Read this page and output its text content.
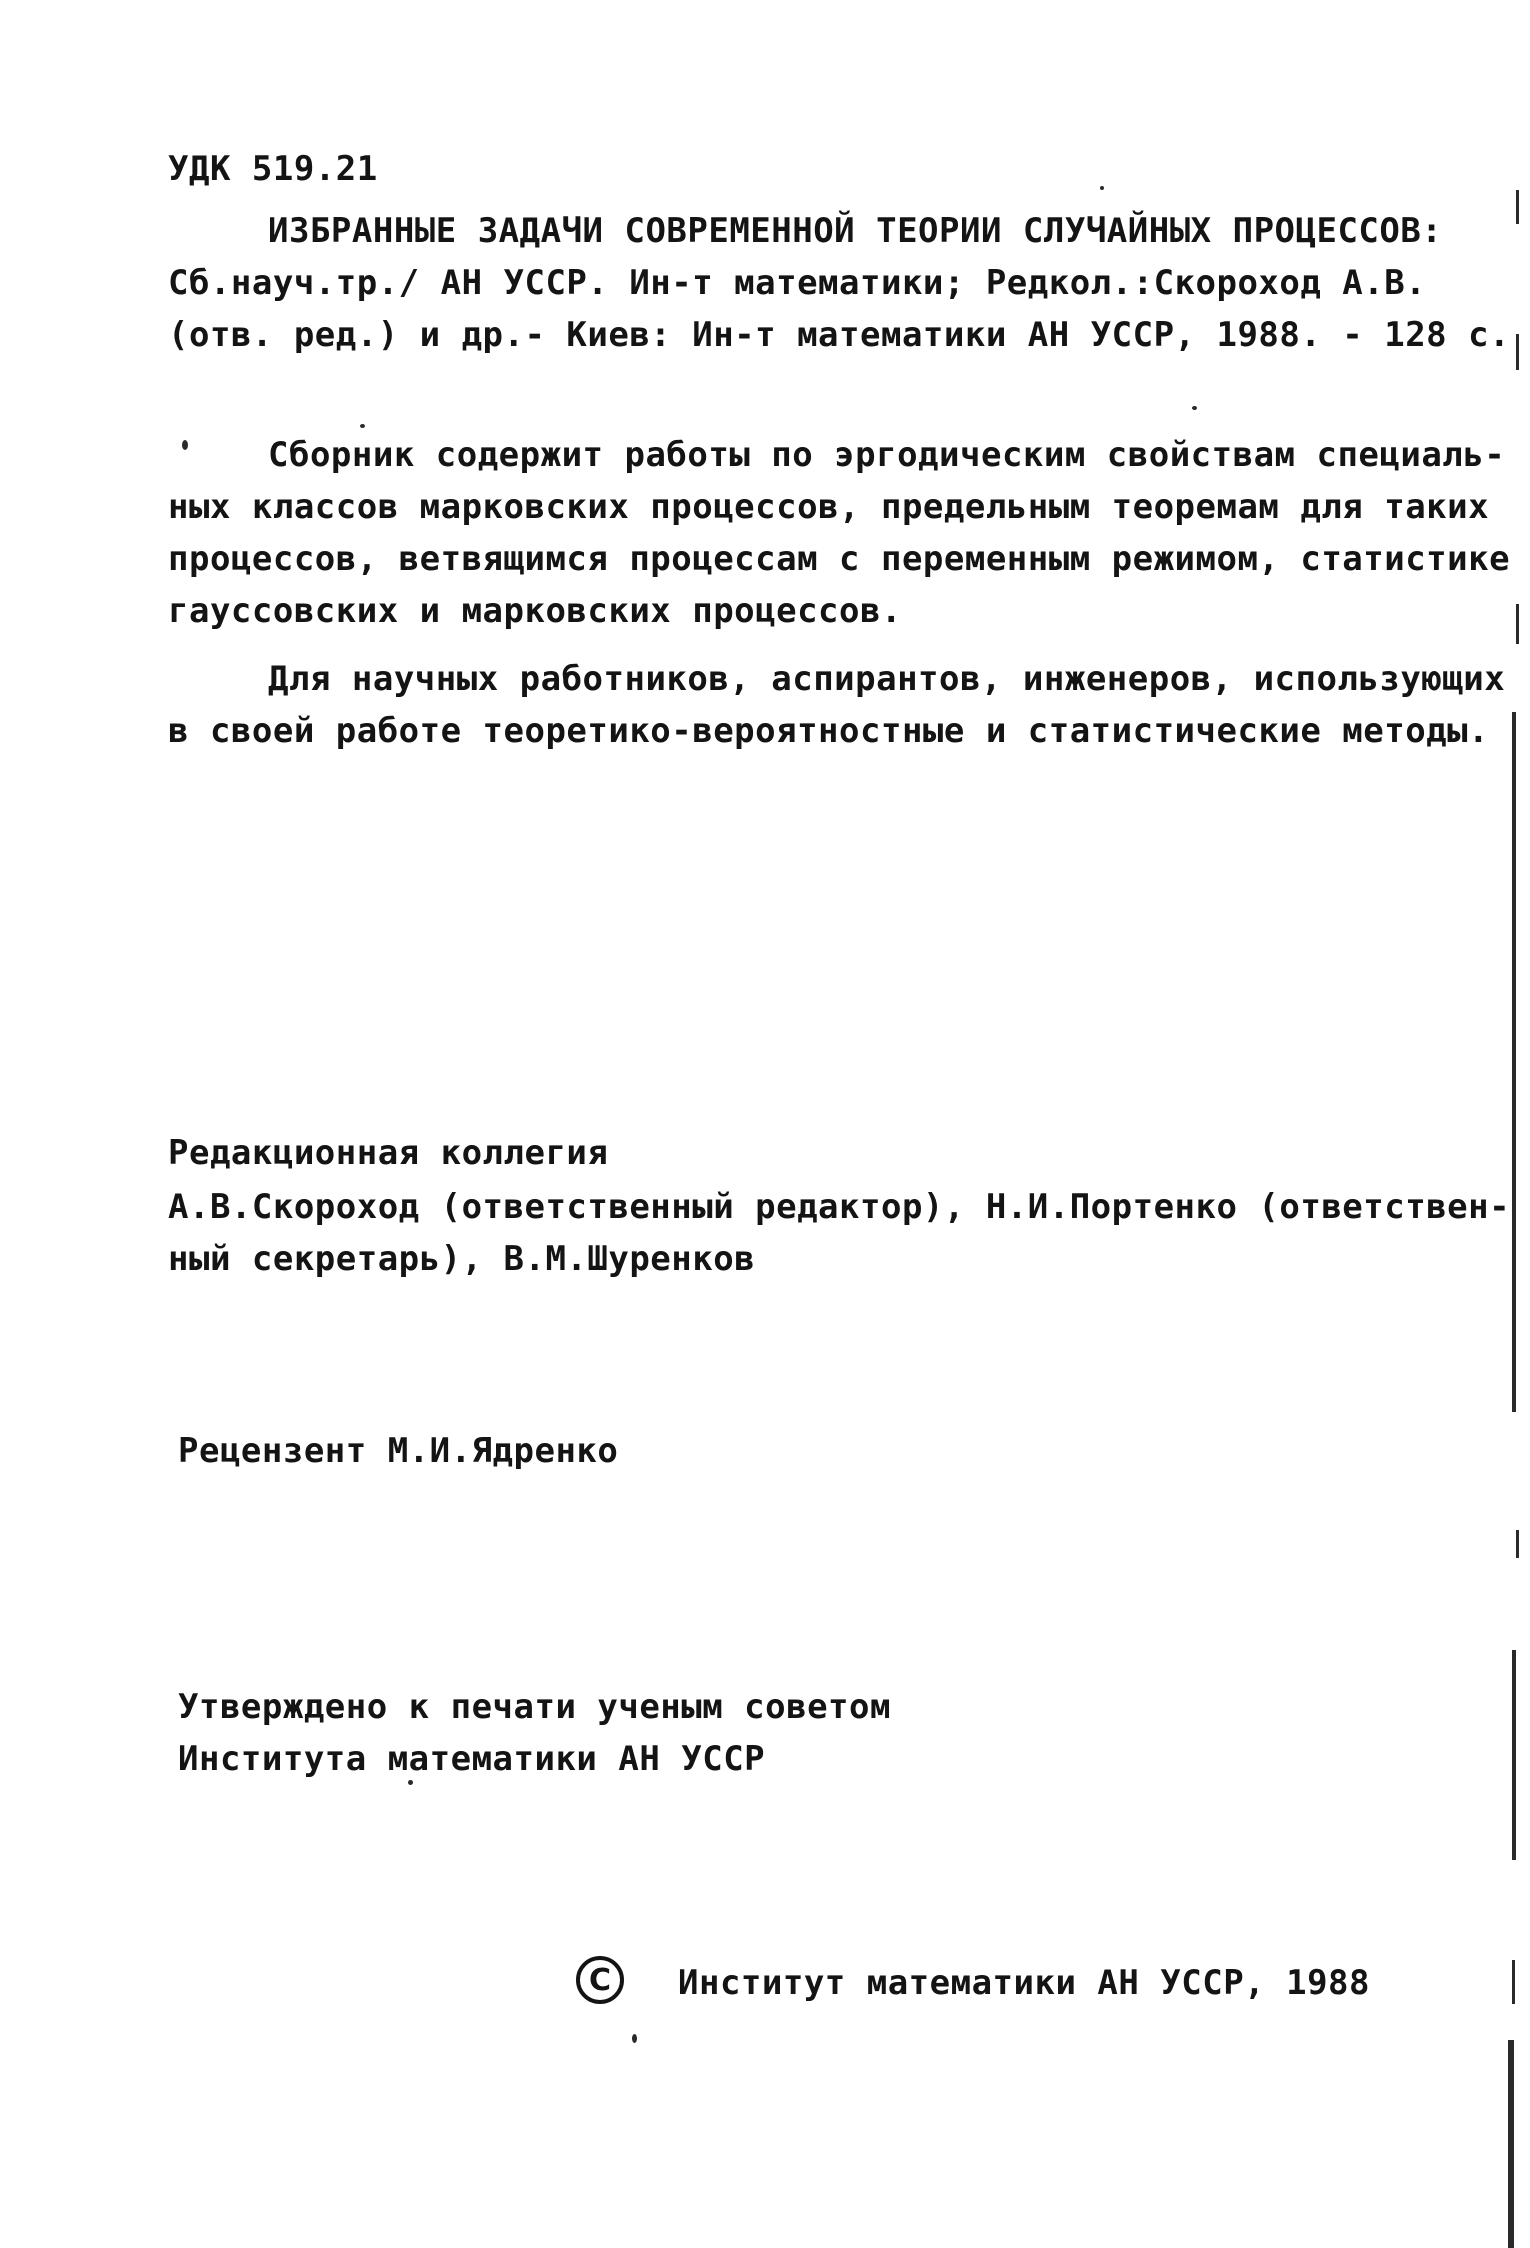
УДК 519.21
ИЗБРАННЫЕ ЗАДАЧИ СОВРЕМЕННОЙ ТЕОРИИ СЛУЧАЙНЫХ ПРОЦЕССОВ:
Сб.науч.тр./ АН УССР. Ин-т математики; Редкол.:Скороход А.В.
(отв. ред.) и др.- Киев: Ин-т математики АН УССР, 1988. - 128 с.
Сборник содержит работы по эргодическим свойствам специаль-
ных классов марковских процессов, предельным теоремам для таких
процессов, ветвящимся процессам с переменным режимом, статистике
гауссовских и марковских процессов.
Для научных работников, аспирантов, инженеров, использующих
в своей работе теоретико-вероятностные и статистические методы.
Редакционная коллегия
А.В.Скороход (ответственный редактор), Н.И.Портенко (ответствен-
ный секретарь), В.М.Шуренков
Рецензент М.И.Ядренко
Утверждено к печати ученым советом
Института математики АН УССР
C	Институт математики АН УССР, 1988
